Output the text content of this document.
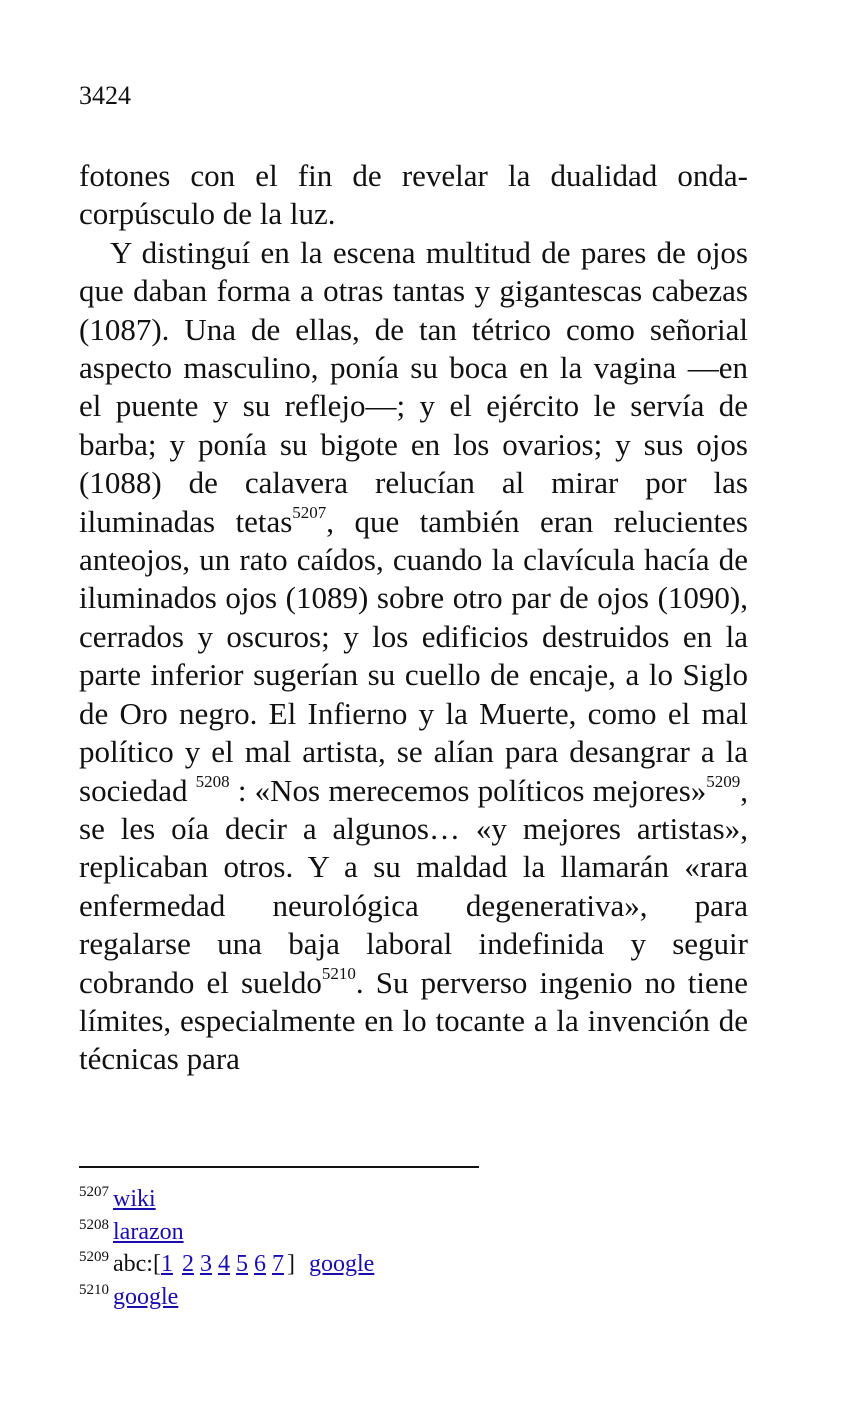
3424

fotones con el fin de revelar la dualidad onda-corpúsculo de la luz.

Y distinguí en la escena multitud de pares de ojos que daban forma a otras tantas y gigantescas cabezas (1087). Una de ellas, de tan tétrico como señorial aspecto masculino, ponía su boca en la vagina —en el puente y su reflejo—; y el ejército le servía de barba; y ponía su bigote en los ovarios; y sus ojos (1088) de calavera relucían al mirar por las iluminadas tetas$^{5207}$, que también eran relucientes anteojos, un rato caídos, cuando la clavícula hacía de iluminados ojos (1089) sobre otro par de ojos (1090), cerrados y oscuros; y los edificios destruidos en la parte inferior sugerían su cuello de encaje, a lo Siglo de Oro negro. El Infierno y la Muerte, como el mal político y el mal artista, se alían para desangrar a la sociedad $^{5208}$ : «Nos merecemos políticos mejores»$^{5209}$, se les oía decir a algunos… «y mejores artistas», replicaban otros. Y a su maldad la llamarán «rara enfermedad neurológica degenerativa», para regalarse una baja laboral indefinida y seguir cobrando el sueldo$^{5210}$. Su perverso ingenio no tiene límites, especialmente en lo tocante a la invención de técnicas para

$^{5207}$ wiki
$^{5208}$ larazon
$^{5209}$ abc:[1 2 3 4 5 6 7 ] google
$^{5210}$ google
